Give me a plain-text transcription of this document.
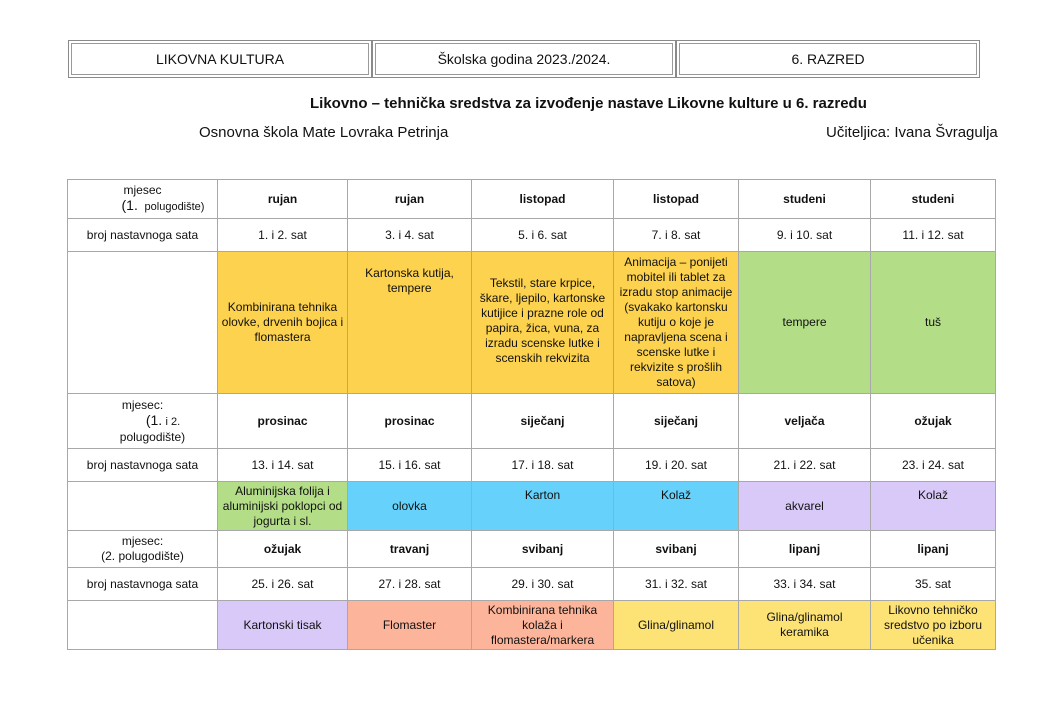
LIKOVNA KULTURA	Školska godina 2023./2024.	6. RAZRED
Likovno – tehnička sredstva za izvođenje nastave Likovne kulture u 6. razredu
Osnovna škola Mate Lovraka Petrinja	Učiteljica: Ivana Švragulja
mjesec
(1. polugodište)	rujan	rujan	listopad	listopad	studeni	studeni
broj nastavnoga sata	1. i 2. sat	3. i 4. sat	5. i 6. sat	7. i 8. sat	9. i 10. sat	11. i 12. sat
	Kombinirana tehnika olovke, drvenih bojica i flomastera	Kartonska kutija, tempere	Tekstil, stare krpice, škare, ljepilo, kartonske kutijice i prazne role od papira, žica, vuna, za izradu scenske lutke i scenskih rekvizita	Animacija – ponijeti mobitel ili tablet za izradu stop animacije (svakako kartonsku kutiju o koje je napravljena scena i scenske lutke i rekvizite s prošlih satova)	tempere	tuš

mjesec:
(1. i 2.
polugodište)	prosinac	prosinac	siječanj	siječanj	veljača	ožujak
broj nastavnoga sata	13. i 14. sat	15. i 16. sat	17. i 18. sat	19. i 20. sat	21. i 22. sat	23. i 24. sat
	Aluminijska folija i aluminijski poklopci od jogurta i sl.	olovka	Karton	Kolaž	akvarel	Kolaž

mjesec:
(2. polugodište)	ožujak	travanj	svibanj	svibanj	lipanj	lipanj
broj nastavnoga sata	25. i 26. sat	27. i 28. sat	29. i 30. sat	31. i 32. sat	33. i 34. sat	35. sat
	Kartonski tisak	Flomaster	Kombinirana tehnika kolaža i flomastera/markera	Glina/glinamol	Glina/glinamol keramika	Likovno tehničko sredstvo po izboru učenika
